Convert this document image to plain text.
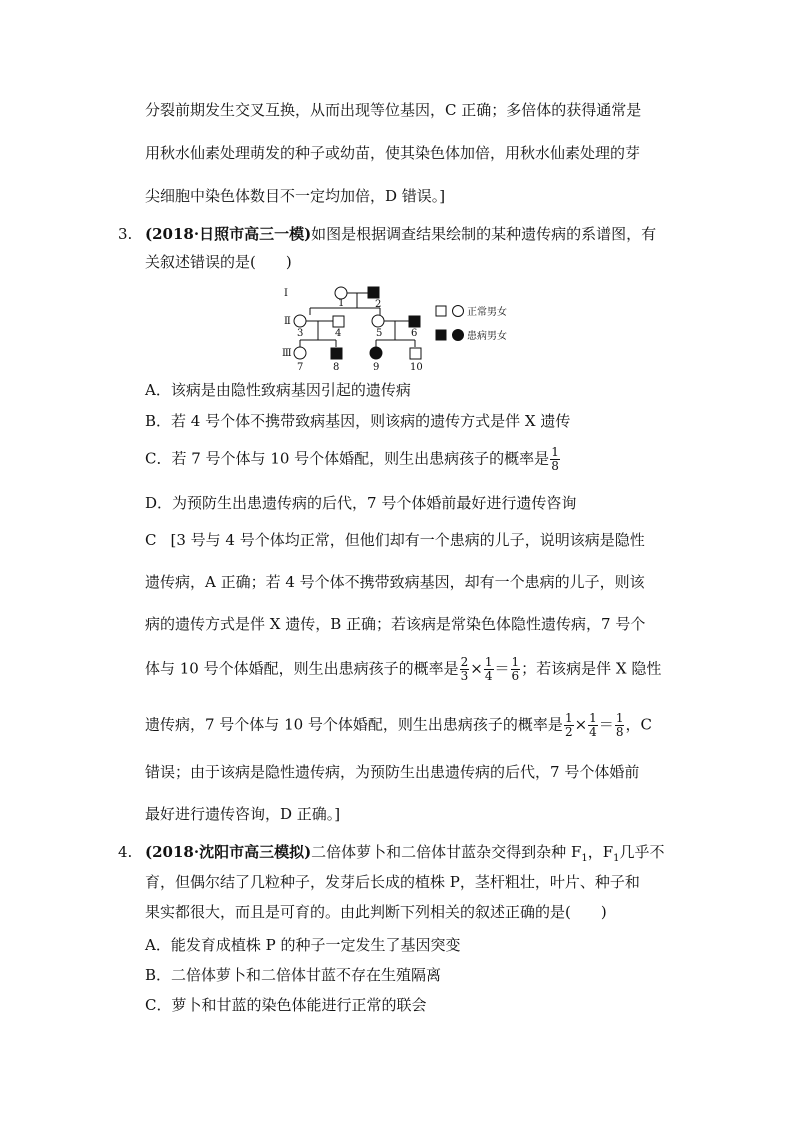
分裂前期发生交叉互换，从而出现等位基因，C 正确；多倍体的获得通常是
用秋水仙素处理萌发的种子或幼苗，使其染色体加倍，用秋水仙素处理的芽
尖细胞中染色体数目不一定均加倍，D 错误。]
3. (2018·日照市高三一模)如图是根据调查结果绘制的某种遗传病的系谱图，有
关叙述错误的是(　　)
Ⅰ
Ⅱ
Ⅲ
1	2
3	4	5	6
7	8	9	10
正常男女
患病男女
A．该病是由隐性致病基因引起的遗传病
B．若 4 号个体不携带致病基因，则该病的遗传方式是伴 X 遗传
C．若 7 号个体与 10 号个体婚配，则生出患病孩子的概率是 $\frac{1}{8}$
D．为预防生出患遗传病的后代，7 号个体婚前最好进行遗传咨询
C [3 号与 4 号个体均正常，但他们却有一个患病的儿子，说明该病是隐性
遗传病，A 正确；若 4 号个体不携带致病基因，却有一个患病的儿子，则该
病的遗传方式是伴 X 遗传，B 正确；若该病是常染色体隐性遗传病，7 号个
体与 10 号个体婚配，则生出患病孩子的概率是 $\frac{2}{3} \times \frac{1}{4} = \frac{1}{6}$ ；若该病是伴 X 隐性
遗传病，7 号个体与 10 号个体婚配，则生出患病孩子的概率是 $\frac{1}{2} \times \frac{1}{4} = \frac{1}{8}$ ，C
错误；由于该病是隐性遗传病，为预防生出患遗传病的后代，7 号个体婚前
最好进行遗传咨询，D 正确。]
4. (2018·沈阳市高三模拟)二倍体萝卜和二倍体甘蓝杂交得到杂种 $F_1$，$F_1$几乎不
育，但偶尔结了几粒种子，发芽后长成的植株 P，茎杆粗壮，叶片、种子和
果实都很大，而且是可育的。由此判断下列相关的叙述正确的是(　　)
A．能发育成植株 P 的种子一定发生了基因突变
B．二倍体萝卜和二倍体甘蓝不存在生殖隔离
C．萝卜和甘蓝的染色体能进行正常的联会
